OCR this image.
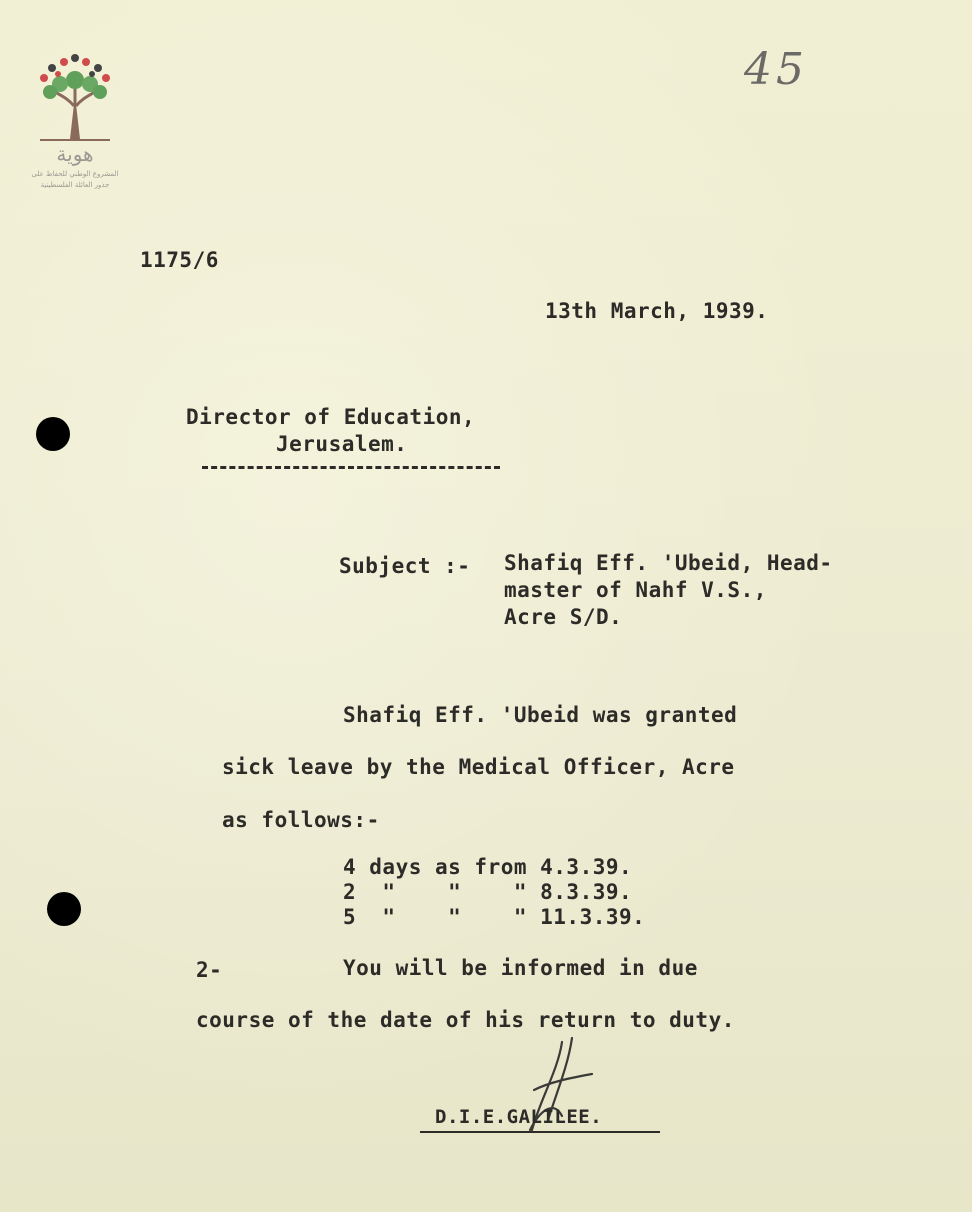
هوية
المشروع الوطني للحفاظ على
جذور العائلة الفلسطينية
45
1175/6
13th March, 1939.
Director of Education,
Jerusalem.
Subject :- Shafiq Eff. 'Ubeid, Head-
master of Nahf V.S.,
Acre S/D.
Shafiq Eff. 'Ubeid was granted
sick leave by the Medical Officer, Acre
as follows:-
4 days as from 4.3.39.
2  "    "    " 8.3.39.
5  "    "    " 11.3.39.
2-	You will be informed in due
course of the date of his return to duty.
D.I.E.GALILEE.
